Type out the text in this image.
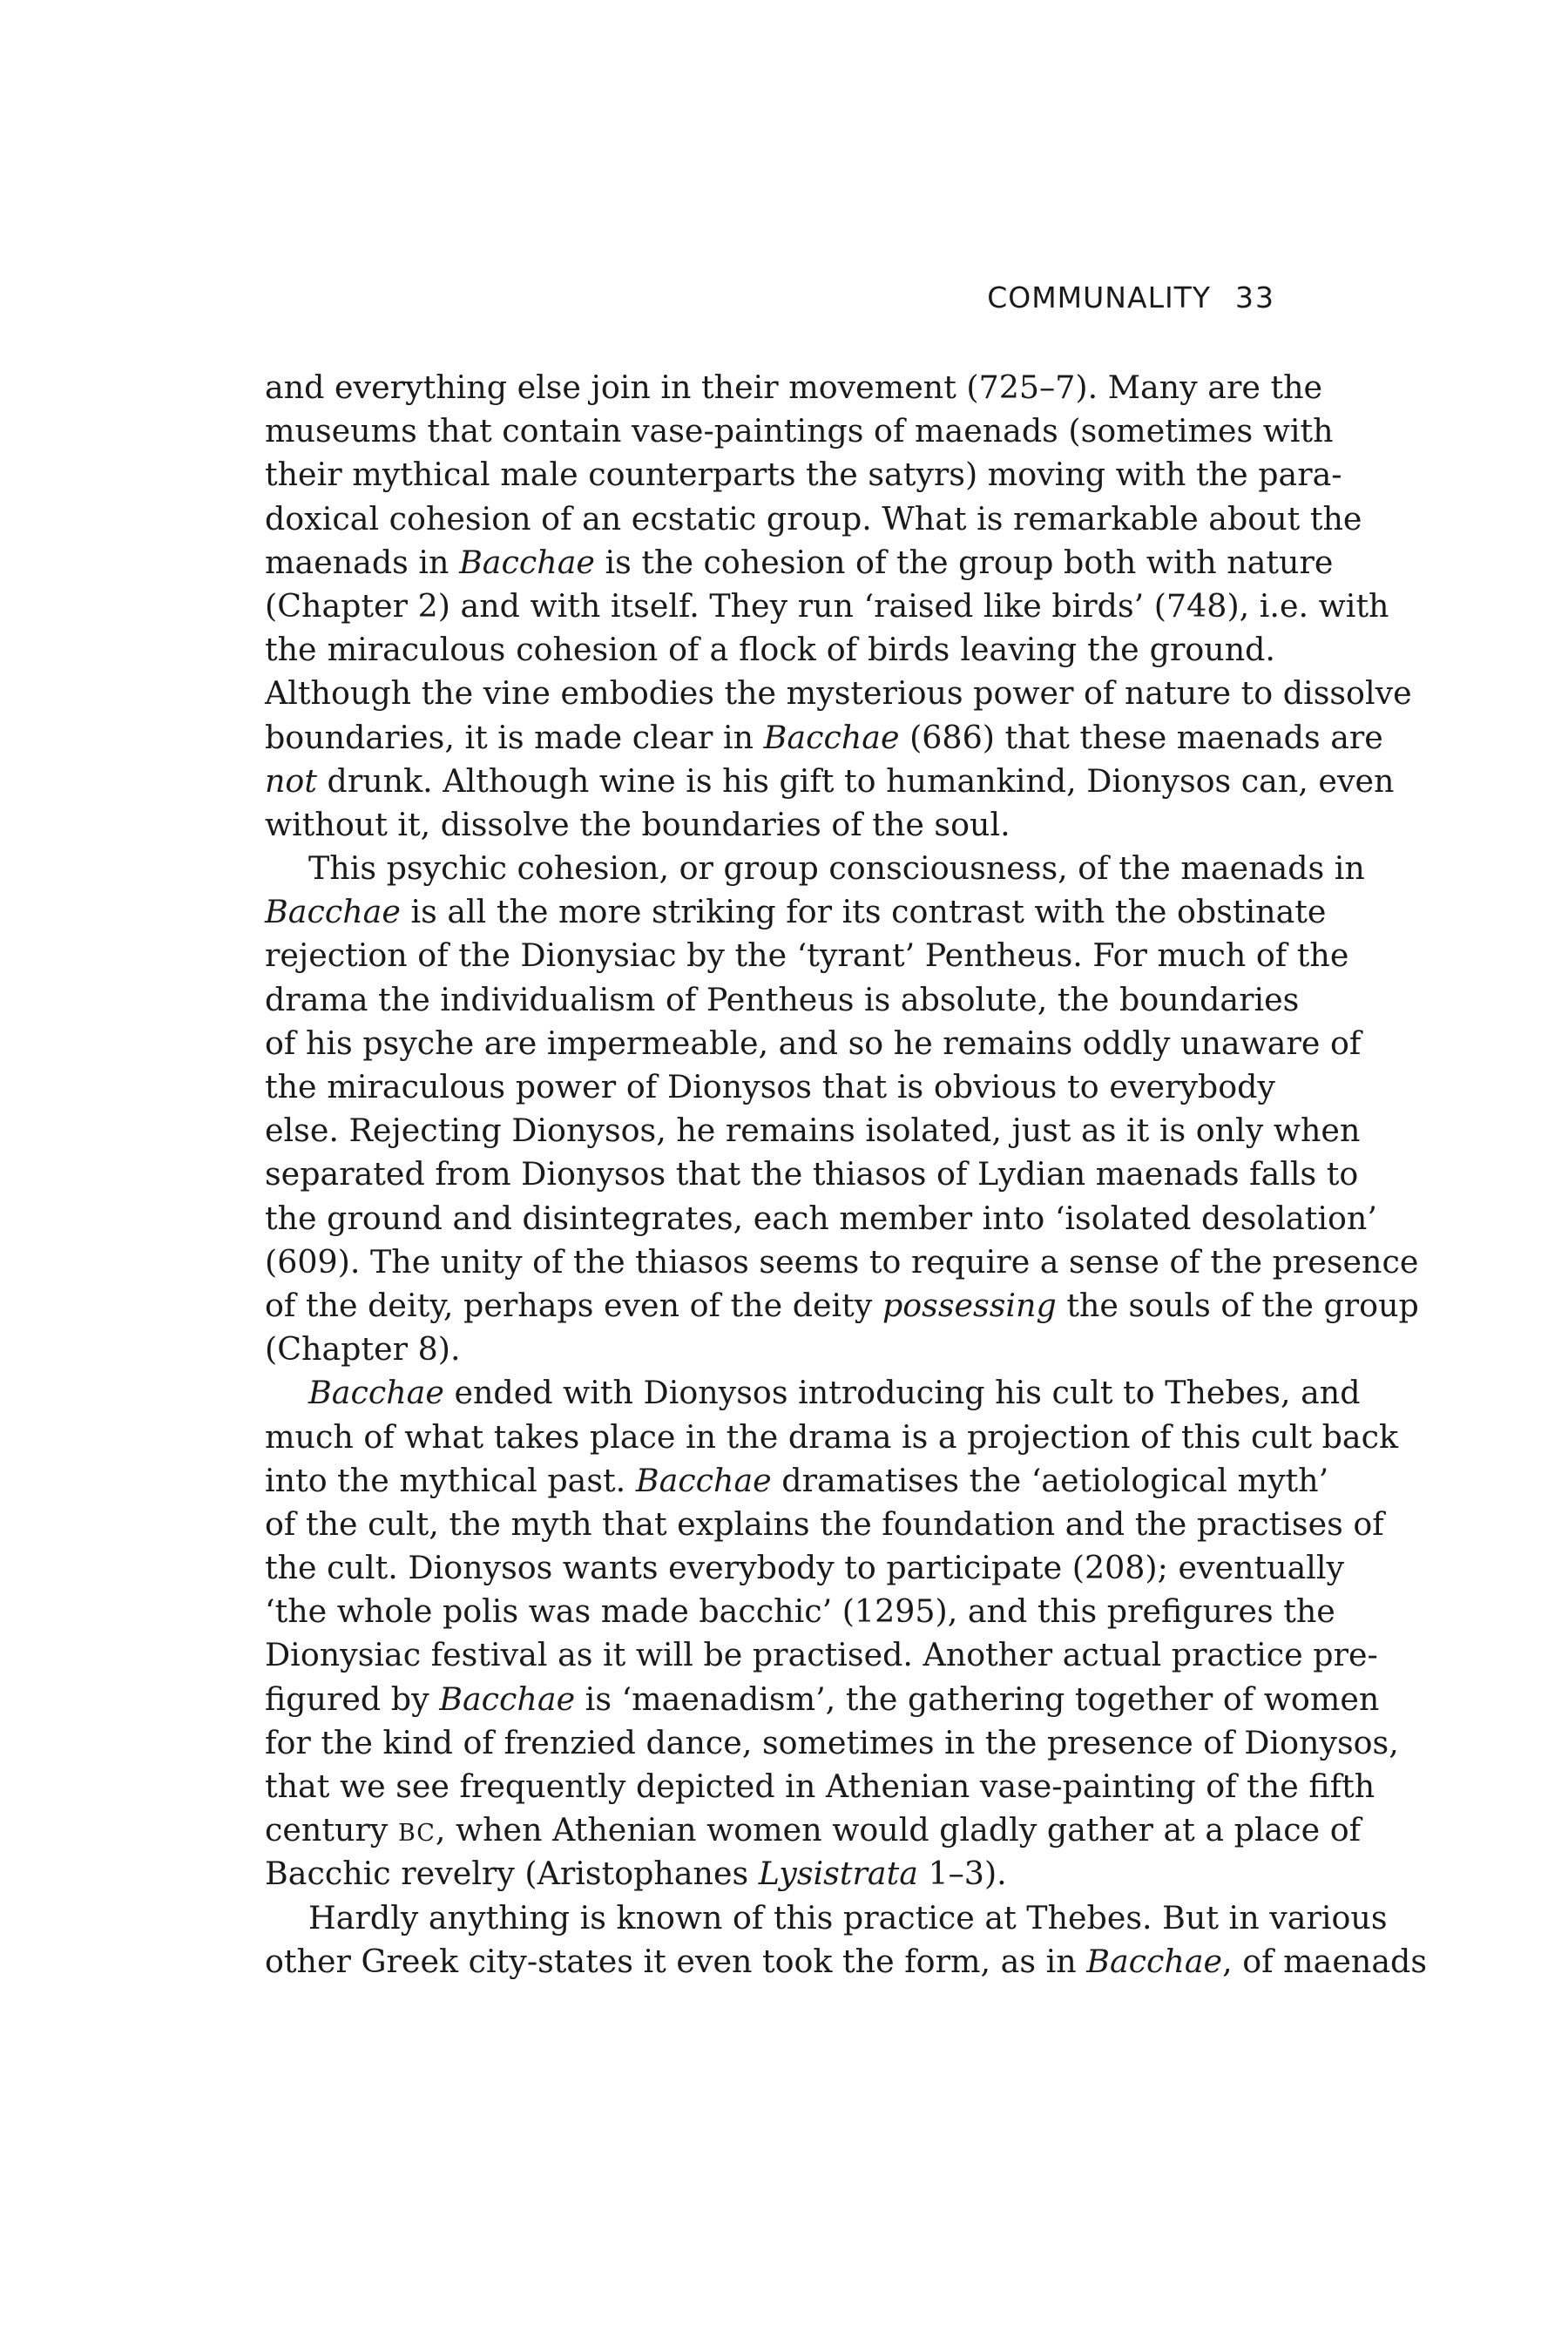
COMMUNALITY 33
and everything else join in their movement (725–7). Many are the
museums that contain vase-paintings of maenads (sometimes with
their mythical male counterparts the satyrs) moving with the para-
doxical cohesion of an ecstatic group. What is remarkable about the
maenads in Bacchae is the cohesion of the group both with nature
(Chapter 2) and with itself. They run ‘raised like birds’ (748), i.e. with
the miraculous cohesion of a flock of birds leaving the ground.
Although the vine embodies the mysterious power of nature to dissolve
boundaries, it is made clear in Bacchae (686) that these maenads are
not drunk. Although wine is his gift to humankind, Dionysos can, even
without it, dissolve the boundaries of the soul.
This psychic cohesion, or group consciousness, of the maenads in
Bacchae is all the more striking for its contrast with the obstinate
rejection of the Dionysiac by the ‘tyrant’ Pentheus. For much of the
drama the individualism of Pentheus is absolute, the boundaries
of his psyche are impermeable, and so he remains oddly unaware of
the miraculous power of Dionysos that is obvious to everybody
else. Rejecting Dionysos, he remains isolated, just as it is only when
separated from Dionysos that the thiasos of Lydian maenads falls to
the ground and disintegrates, each member into ‘isolated desolation’
(609). The unity of the thiasos seems to require a sense of the presence
of the deity, perhaps even of the deity possessing the souls of the group
(Chapter 8).
Bacchae ended with Dionysos introducing his cult to Thebes, and
much of what takes place in the drama is a projection of this cult back
into the mythical past. Bacchae dramatises the ‘aetiological myth’
of the cult, the myth that explains the foundation and the practises of
the cult. Dionysos wants everybody to participate (208); eventually
‘the whole polis was made bacchic’ (1295), and this prefigures the
Dionysiac festival as it will be practised. Another actual practice pre-
figured by Bacchae is ‘maenadism’, the gathering together of women
for the kind of frenzied dance, sometimes in the presence of Dionysos,
that we see frequently depicted in Athenian vase-painting of the fifth
century BC, when Athenian women would gladly gather at a place of
Bacchic revelry (Aristophanes Lysistrata 1–3).
Hardly anything is known of this practice at Thebes. But in various
other Greek city-states it even took the form, as in Bacchae, of maenads
